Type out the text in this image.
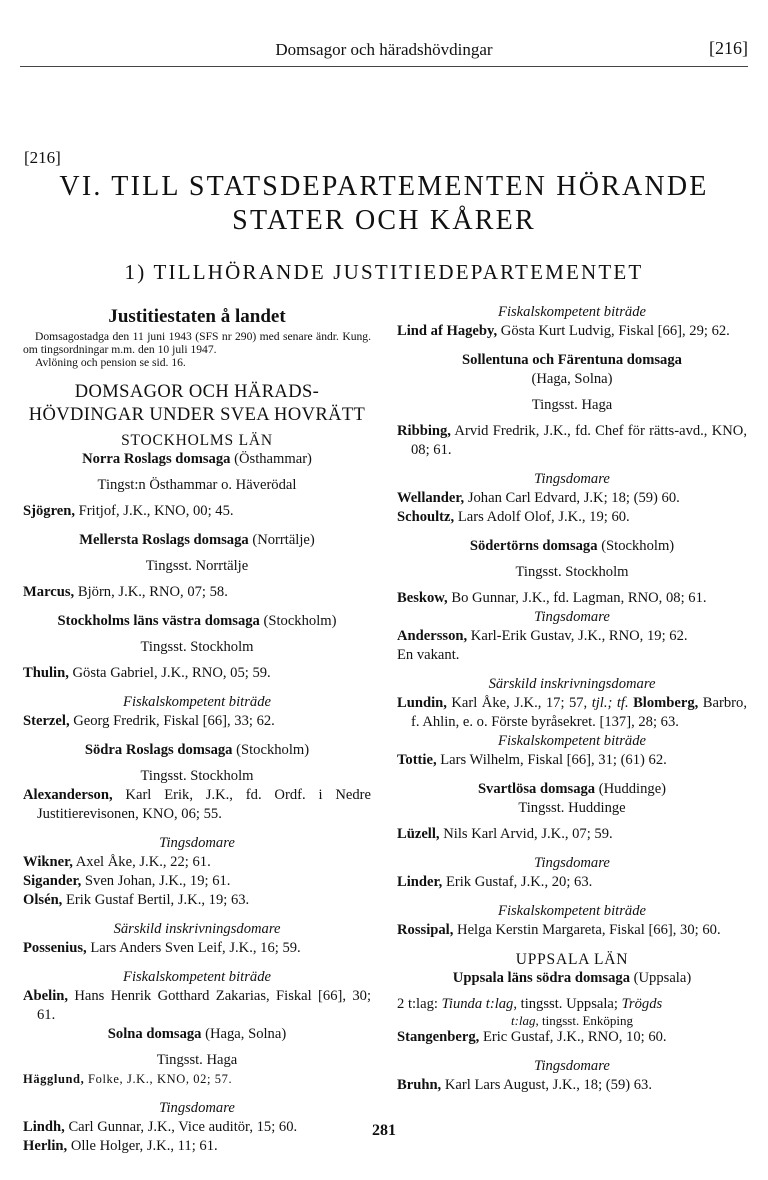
Domsagor och häradshövdingar	[216]
[216]
VI. TILL STATSDEPARTEMENTEN HÖRANDE
STATER OCH KÅRER
1) TILLHÖRANDE JUSTITIEDEPARTEMENTET
Justitiestaten å landet
Domsagostadga den 11 juni 1943 (SFS nr 290) med senare ändr. Kung. om tingsordningar m.m. den 10 juli 1947.
Avlöning och pension se sid. 16.
DOMSAGOR OCH HÄRADS-
HÖVDINGAR UNDER SVEA HOVRÄTT
STOCKHOLMS LÄN
Norra Roslags domsaga (Östhammar)
Tingst:n Östhammar o. Häverödal
Sjögren, Fritjof, J.K., KNO, 00; 45.
Mellersta Roslags domsaga (Norrtälje)
Tingsst. Norrtälje
Marcus, Björn, J.K., RNO, 07; 58.
Stockholms läns västra domsaga (Stockholm)
Tingsst. Stockholm
Thulin, Gösta Gabriel, J.K., RNO, 05; 59.
Fiskalskompetent biträde
Sterzel, Georg Fredrik, Fiskal [66], 33; 62.
Södra Roslags domsaga (Stockholm)
Tingsst. Stockholm
Alexanderson, Karl Erik, J.K., fd. Ordf. i Nedre Justitierevisonen, KNO, 06; 55.
Tingsdomare
Wikner, Axel Åke, J.K., 22; 61.
Sigander, Sven Johan, J.K., 19; 61.
Olsén, Erik Gustaf Bertil, J.K., 19; 63.
Särskild inskrivningsdomare
Possenius, Lars Anders Sven Leif, J.K., 16; 59.
Fiskalskompetent biträde
Abelin, Hans Henrik Gotthard Zakarias, Fiskal [66], 30; 61.
Solna domsaga (Haga, Solna)
Tingsst. Haga
Hägglund, Folke, J.K., KNO, 02; 57.
Tingsdomare
Lindh, Carl Gunnar, J.K., Vice auditör, 15; 60.
Herlin, Olle Holger, J.K., 11; 61.
Fiskalskompetent biträde
Lind af Hageby, Gösta Kurt Ludvig, Fiskal [66], 29; 62.
Sollentuna och Färentuna domsaga
(Haga, Solna)
Tingsst. Haga
Ribbing, Arvid Fredrik, J.K., fd. Chef för rätts-avd., KNO, 08; 61.
Tingsdomare
Wellander, Johan Carl Edvard, J.K; 18; (59) 60.
Schoultz, Lars Adolf Olof, J.K., 19; 60.
Södertörns domsaga (Stockholm)
Tingsst. Stockholm
Beskow, Bo Gunnar, J.K., fd. Lagman, RNO, 08; 61.
Tingsdomare
Andersson, Karl-Erik Gustav, J.K., RNO, 19; 62.
En vakant.
Särskild inskrivningsdomare
Lundin, Karl Åke, J.K., 17; 57, tjl.; tf. Blomberg, Barbro, f. Ahlin, e. o. Förste byråsekret. [137], 28; 63.
Fiskalskompetent biträde
Tottie, Lars Wilhelm, Fiskal [66], 31; (61) 62.
Svartlösa domsaga (Huddinge)
Tingsst. Huddinge
Lüzell, Nils Karl Arvid, J.K., 07; 59.
Tingsdomare
Linder, Erik Gustaf, J.K., 20; 63.
Fiskalskompetent biträde
Rossipal, Helga Kerstin Margareta, Fiskal [66], 30; 60.
UPPSALA LÄN
Uppsala läns södra domsaga (Uppsala)
2 t:lag: Tiunda t:lag, tingsst. Uppsala; Trögds
t:lag, tingsst. Enköping
Stangenberg, Eric Gustaf, J.K., RNO, 10; 60.
Tingsdomare
Bruhn, Karl Lars August, J.K., 18; (59) 63.
281
